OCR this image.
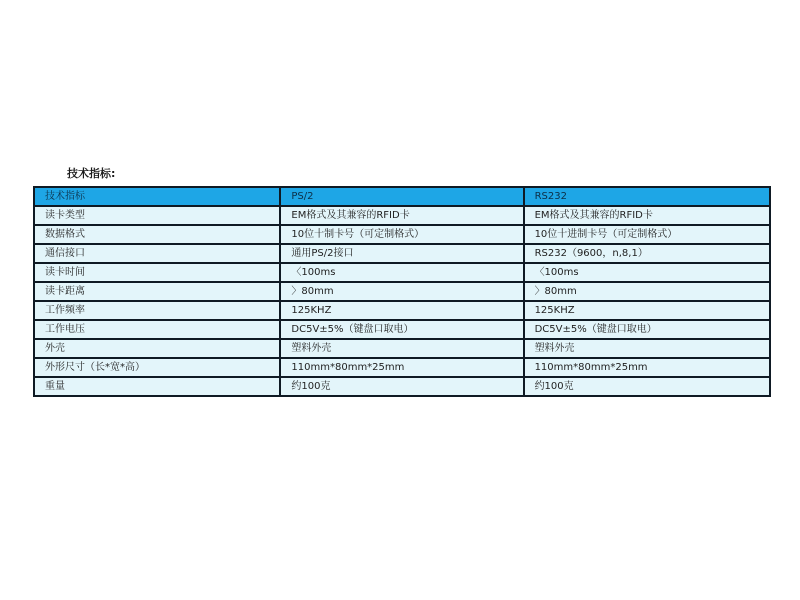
技术指标:
技术指标	PS/2	RS232
读卡类型	EM格式及其兼容的RFID卡	EM格式及其兼容的RFID卡
数据格式	10位十制卡号（可定制格式）	10位十进制卡号（可定制格式）
通信接口	通用PS/2接口	RS232（9600，n,8,1）
读卡时间	〈100ms	〈100ms
读卡距离	〉80mm	〉80mm
工作频率	125KHZ	125KHZ
工作电压	DC5V±5%（键盘口取电）	DC5V±5%（键盘口取电）
外壳	塑料外壳	塑料外壳
外形尺寸（长*宽*高）	110mm*80mm*25mm	110mm*80mm*25mm
重量	约100克	约100克
